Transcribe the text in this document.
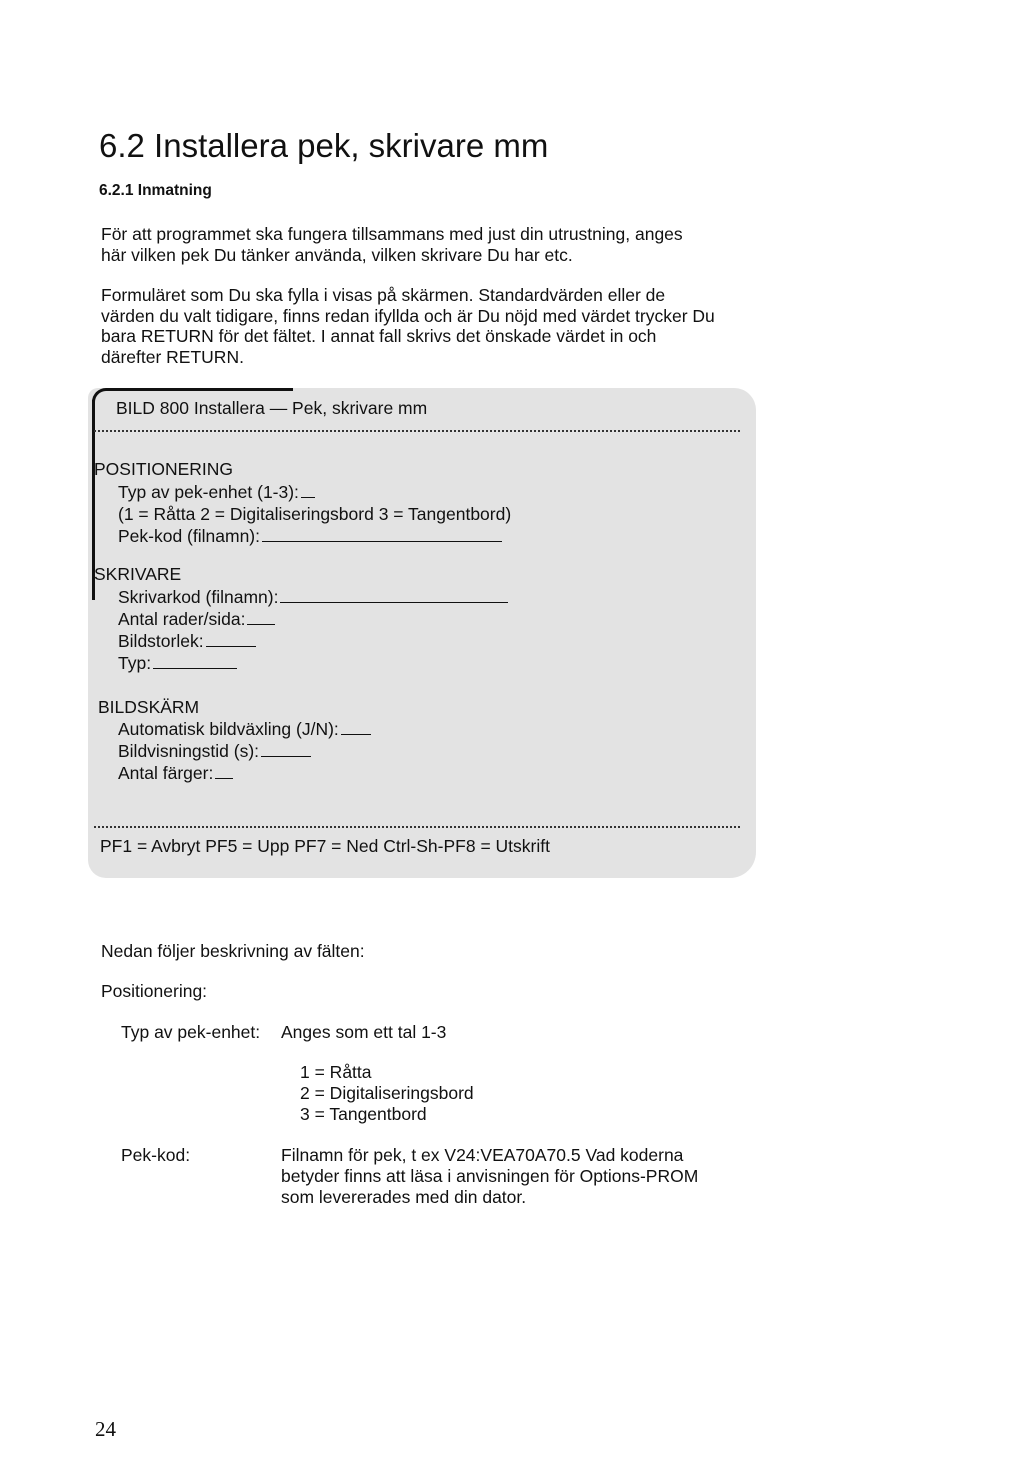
6.2 Installera pek, skrivare mm
6.2.1 Inmatning
För att programmet ska fungera tillsammans med just din utrustning, anges
här vilken pek Du tänker använda, vilken skrivare Du har etc.
Formuläret som Du ska fylla i visas på skärmen. Standardvärden eller de
värden du valt tidigare, finns redan ifyllda och är Du nöjd med värdet trycker Du
bara RETURN för det fältet. I annat fall skrivs det önskade värdet in och
därefter RETURN.
BILD 800 Installera — Pek, skrivare mm
POSITIONERING
Typ av pek-enhet (1-3):
(1 = Råtta 2 = Digitaliseringsbord 3 = Tangentbord)
Pek-kod (filnamn):
SKRIVARE
Skrivarkod (filnamn):
Antal rader/sida:
Bildstorlek:
Typ:
BILDSKÄRM
Automatisk bildväxling (J/N):
Bildvisningstid (s):
Antal färger:
PF1 = Avbryt PF5 = Upp PF7 = Ned Ctrl-Sh-PF8 = Utskrift
Nedan följer beskrivning av fälten:
Positionering:
Typ av pek-enhet: Anges som ett tal 1-3
1 = Råtta
2 = Digitaliseringsbord
3 = Tangentbord
Pek-kod:	Filnamn för pek, t ex V24:VEA70A70.5 Vad koderna
betyder finns att läsa i anvisningen för Options-PROM
som levererades med din dator.
24
